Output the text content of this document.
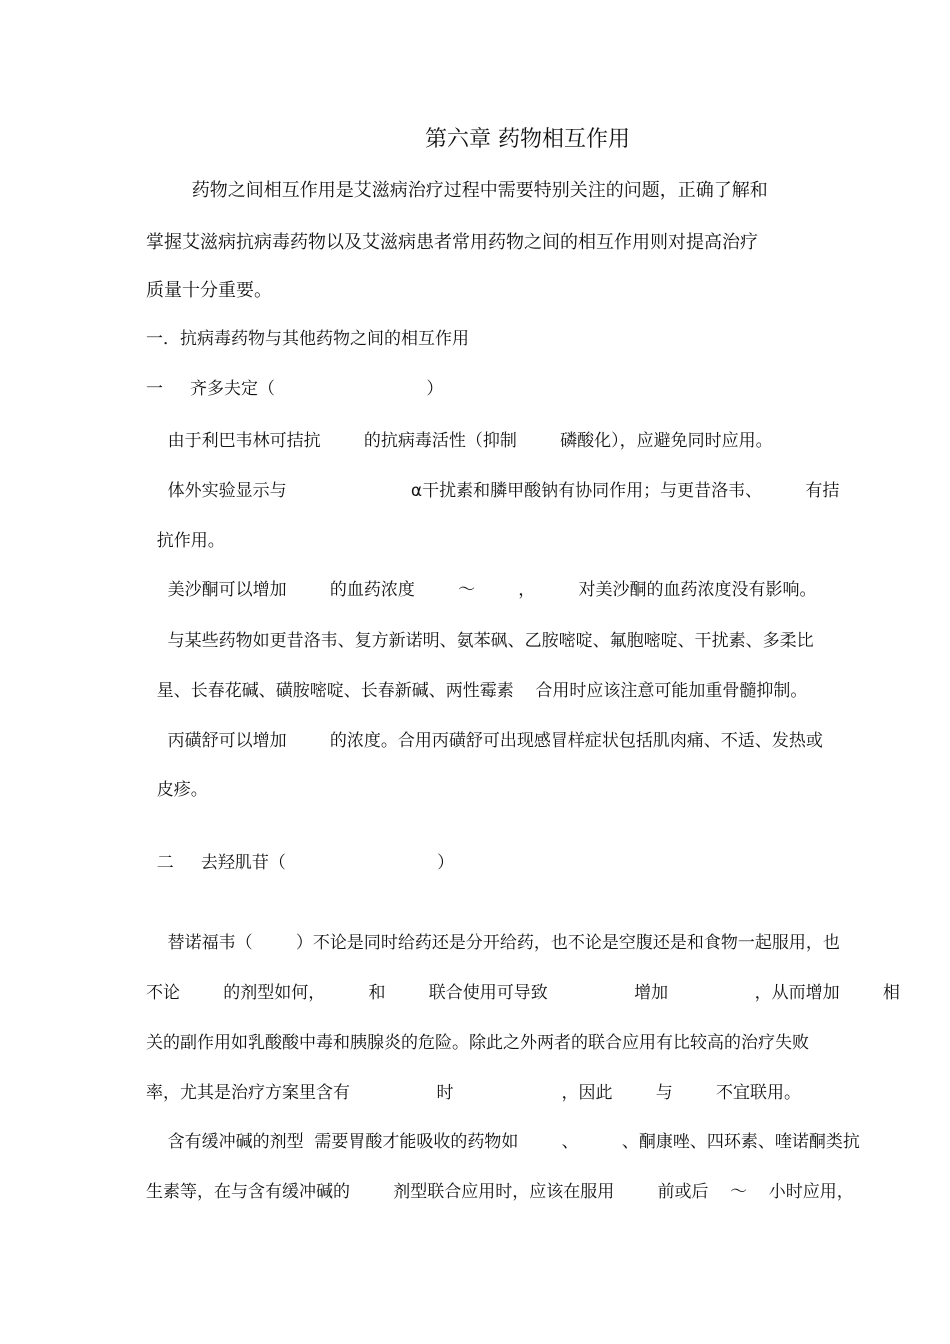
第六章 药物相互作用
药物之间相互作用是艾滋病治疗过程中需要特别关注的问题，正确了解和
掌握艾滋病抗病毒药物以及艾滋病患者常用药物之间的相互作用则对提高治疗
质量十分重要。
一．抗病毒药物与其他药物之间的相互作用
一     齐多夫定（                            ）
由于利巴韦林可拮抗        的抗病毒活性（抑制        磷酸化），应避免同时应用。
体外实验显示与                       α干扰素和膦甲酸钠有协同作用；与更昔洛韦、        有拮
抗作用。
美沙酮可以增加        的血药浓度        ～        ，        对美沙酮的血药浓度没有影响。
与某些药物如更昔洛韦、复方新诺明、氨苯砜、乙胺嘧啶、氟胞嘧啶、干扰素、多柔比
星、长春花碱、磺胺嘧啶、长春新碱、两性霉素    合用时应该注意可能加重骨髓抑制。
丙磺舒可以增加        的浓度。合用丙磺舒可出现感冒样症状包括肌肉痛、不适、发热或
皮疹。
二     去羟肌苷（                            ）
替诺福韦（        ）不论是同时给药还是分开给药，也不论是空腹还是和食物一起服用，也
不论        的剂型如何，        和        联合使用可导致                增加                ，从而增加        相
关的副作用如乳酸酸中毒和胰腺炎的危险。除此之外两者的联合应用有比较高的治疗失败
率，尤其是治疗方案里含有                时                    ，因此        与        不宜联用。
含有缓冲碱的剂型  需要胃酸才能吸收的药物如        、        、酮康唑、四环素、喹诺酮类抗
生素等，在与含有缓冲碱的        剂型联合应用时，应该在服用        前或后    ～    小时应用，
